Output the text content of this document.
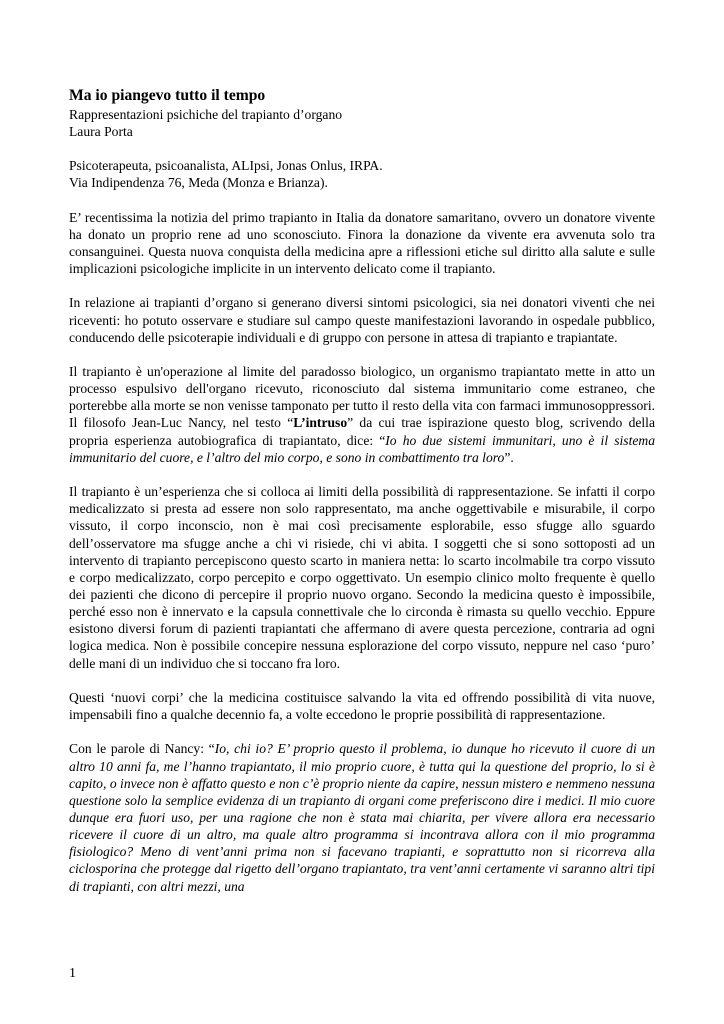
Ma io piangevo tutto il tempo

Rappresentazioni psichiche del trapianto d’organo

Laura Porta

Psicoterapeuta, psicoanalista, ALIpsi, Jonas Onlus, IRPA.

Via Indipendenza 76, Meda (Monza e Brianza).

E’ recentissima la notizia del primo trapianto in Italia da donatore samaritano, ovvero un donatore vivente ha donato un proprio rene ad uno sconosciuto. Finora la donazione da vivente era avvenuta solo tra consanguinei. Questa nuova conquista della medicina apre a riflessioni etiche sul diritto alla salute e sulle implicazioni psicologiche implicite in un intervento delicato come il trapianto.

In relazione ai trapianti d’organo si generano diversi sintomi psicologici, sia nei donatori viventi che nei riceventi: ho potuto osservare e studiare sul campo queste manifestazioni lavorando in ospedale pubblico, conducendo delle psicoterapie individuali e di gruppo con persone in attesa di trapianto e trapiantate.

Il trapianto è un'operazione al limite del paradosso biologico, un organismo trapiantato mette in atto un processo espulsivo dell'organo ricevuto, riconosciuto dal sistema immunitario come estraneo, che porterebbe alla morte se non venisse tamponato per tutto il resto della vita con farmaci immunosoppressori. Il filosofo Jean-Luc Nancy, nel testo “L’intruso” da cui trae ispirazione questo blog, scrivendo della propria esperienza autobiografica di trapiantato, dice: “Io ho due sistemi immunitari, uno è il sistema immunitario del cuore, e l’altro del mio corpo, e sono in combattimento tra loro”.

Il trapianto è un’esperienza che si colloca ai limiti della possibilità di rappresentazione. Se infatti il corpo medicalizzato si presta ad essere non solo rappresentato, ma anche oggettivabile e misurabile, il corpo vissuto, il corpo inconscio, non è mai così precisamente esplorabile, esso sfugge allo sguardo dell’osservatore ma sfugge anche a chi vi risiede, chi vi abita. I soggetti che si sono sottoposti ad un intervento di trapianto percepiscono questo scarto in maniera netta: lo scarto incolmabile tra corpo vissuto e corpo medicalizzato, corpo percepito e corpo oggettivato. Un esempio clinico molto frequente è quello dei pazienti che dicono di percepire il proprio nuovo organo. Secondo la medicina questo è impossibile, perché esso non è innervato e la capsula connettivale che lo circonda è rimasta su quello vecchio. Eppure esistono diversi forum di pazienti trapiantati che affermano di avere questa percezione, contraria ad ogni logica medica. Non è possibile concepire nessuna esplorazione del corpo vissuto, neppure nel caso ‘puro’ delle mani di un individuo che si toccano fra loro.

Questi ‘nuovi corpi’ che la medicina costituisce salvando la vita ed offrendo possibilità di vita nuove, impensabili fino a qualche decennio fa, a volte eccedono le proprie possibilità di rappresentazione.

Con le parole di Nancy: “Io, chi io? E’ proprio questo il problema, io dunque ho ricevuto il cuore di un altro 10 anni fa, me l’hanno trapiantato, il mio proprio cuore, è tutta qui la questione del proprio, lo si è capito, o invece non è affatto questo e non c’è proprio niente da capire, nessun mistero e nemmeno nessuna questione solo la semplice evidenza di un trapianto di organi come preferiscono dire i medici. Il mio cuore dunque era fuori uso, per una ragione che non è stata mai chiarita, per vivere allora era necessario ricevere il cuore di un altro, ma quale altro programma si incontrava allora con il mio programma fisiologico? Meno di vent’anni prima non si facevano trapianti, e soprattutto non si ricorreva alla ciclosporina che protegge dal rigetto dell’organo trapiantato, tra vent’anni certamente vi saranno altri tipi di trapianti, con altri mezzi, una

1
